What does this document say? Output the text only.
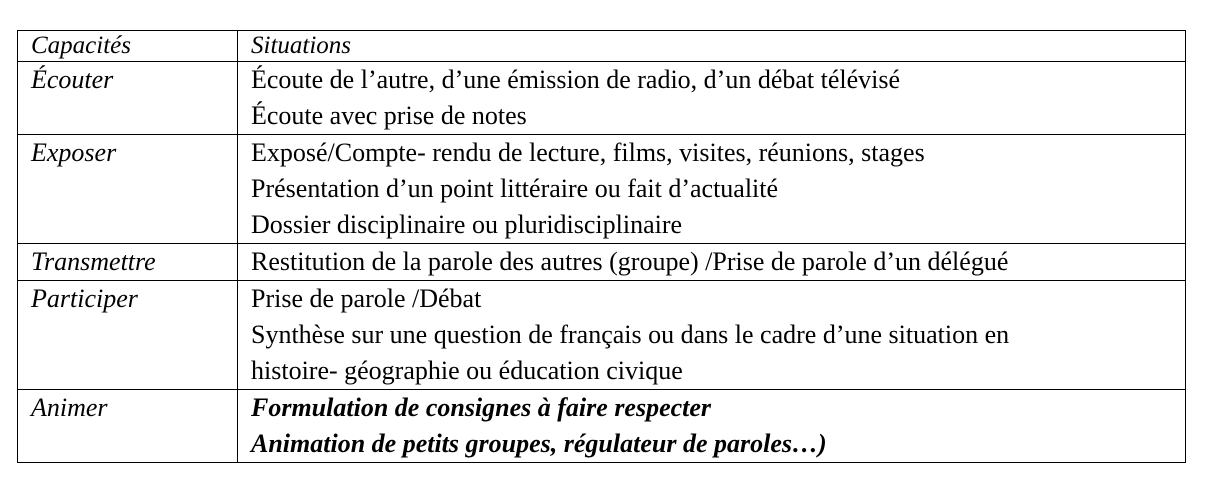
Capacités	Situations
Écouter	Écoute de l’autre, d’une émission de radio, d’un débat télévisé
Écoute avec prise de notes

Exposer	Exposé/Compte- rendu de lecture, films, visites, réunions, stages
Présentation d’un point littéraire ou fait d’actualité
Dossier disciplinaire ou pluridisciplinaire

Transmettre	Restitution de la parole des autres (groupe) /Prise de parole d’un délégué

Participer	Prise de parole /Débat
Synthèse sur une question de français ou dans le cadre d’une situation en
histoire- géographie ou éducation civique

Animer	Formulation de consignes à faire respecter
Animation de petits groupes, régulateur de paroles…)
